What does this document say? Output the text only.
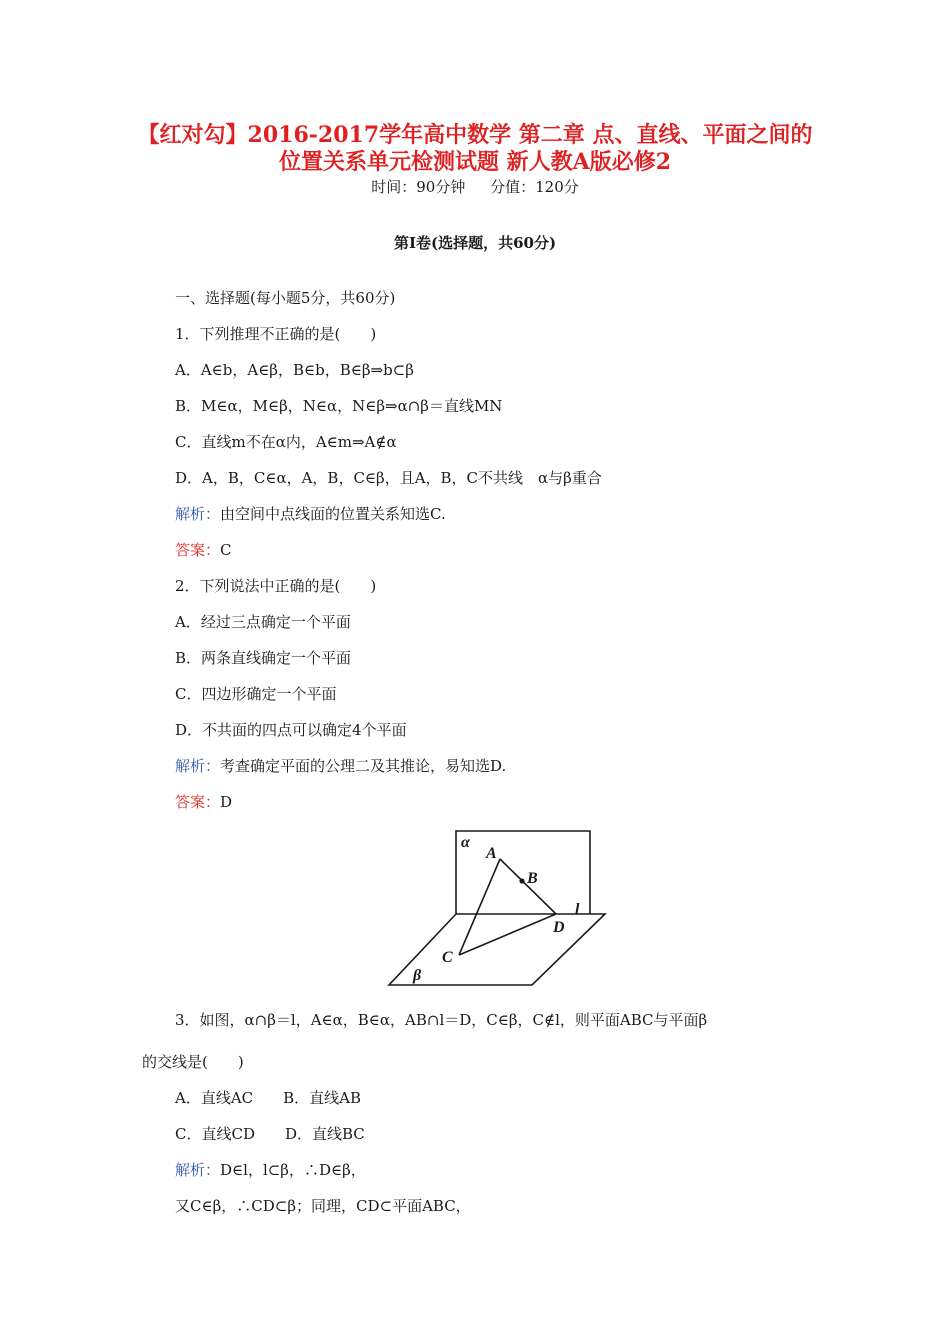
【红对勾】2016-2017学年高中数学 第二章 点、直线、平面之间的
位置关系单元检测试题 新人教A版必修2
时间：90分钟 分值：120分
第Ⅰ卷(选择题，共60分)
一、选择题(每小题5分，共60分)
1．下列推理不正确的是(　　)
A．A∈b，A∈β，B∈b，B∈β⇒b⊂β
B．M∈α，M∈β，N∈α，N∈β⇒α∩β＝直线MN
C．直线m不在α内，A∈m⇒A∉α
D．A，B，C∈α，A，B，C∈β，且A，B，C不共线　α与β重合
解析：由空间中点线面的位置关系知选C.
答案：C
2．下列说法中正确的是(　　)
A．经过三点确定一个平面
B．两条直线确定一个平面
C．四边形确定一个平面
D．不共面的四点可以确定4个平面
解析：考查确定平面的公理二及其推论，易知选D.
答案：D
α
A
B
l
D
C
β
3．如图，α∩β＝l，A∈α，B∈α，AB∩l＝D，C∈β，C∉l，则平面ABC与平面β
的交线是(　　)
A．直线AC B．直线AB
C．直线CD D．直线BC
解析：D∈l，l⊂β，∴D∈β，
又C∈β，∴CD⊂β；同理，CD⊂平面ABC，
